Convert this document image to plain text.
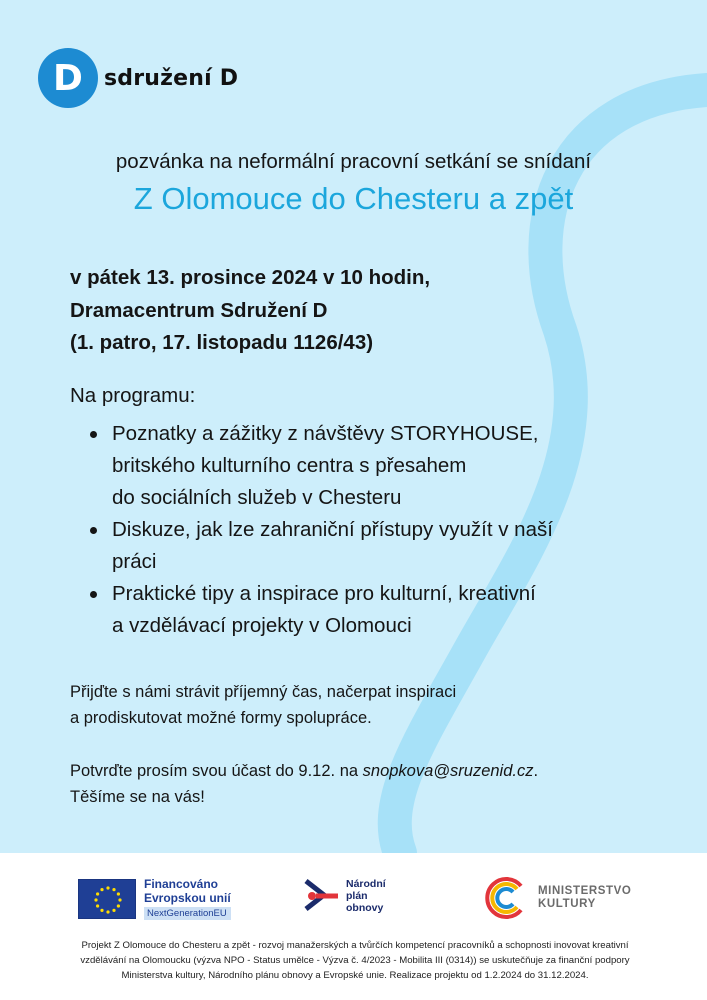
D sdružení D
pozvánka na neformální pracovní setkání se snídaní
Z Olomouce do Chesteru a zpět
v pátek 13. prosince 2024 v 10 hodin,
Dramacentrum Sdružení D
(1. patro, 17. listopadu 1126/43)
Na programu:
Poznatky a zážitky z návštěvy STORYHOUSE,
britského kulturního centra s přesahem
do sociálních služeb v Chesteru
Diskuze, jak lze zahraniční přístupy využít v naší
práci
Praktické tipy a inspirace pro kulturní, kreativní
a vzdělávací projekty v Olomouci
Přijďte s námi strávit příjemný čas, načerpat inspiraci
a prodiskutovat možné formy spolupráce.
Potvrďte prosím svou účast do 9.12. na snopkova@sruzenid.cz.
Těšíme se na vás!
Financováno
Evropskou unií
NextGenerationEU
Národní
plán
obnovy
MINISTERSTVO
KULTURY
Projekt Z Olomouce do Chesteru a zpět - rozvoj manažerských a tvůrčích kompetencí pracovníků a schopnosti inovovat kreativní
vzdělávání na Olomoucku (výzva NPO - Status umělce - Výzva č. 4/2023 - Mobilita III (0314)) se uskutečňuje za finanční podpory
Ministerstva kultury, Národního plánu obnovy a Evropské unie. Realizace projektu od 1.2.2024 do 31.12.2024.
